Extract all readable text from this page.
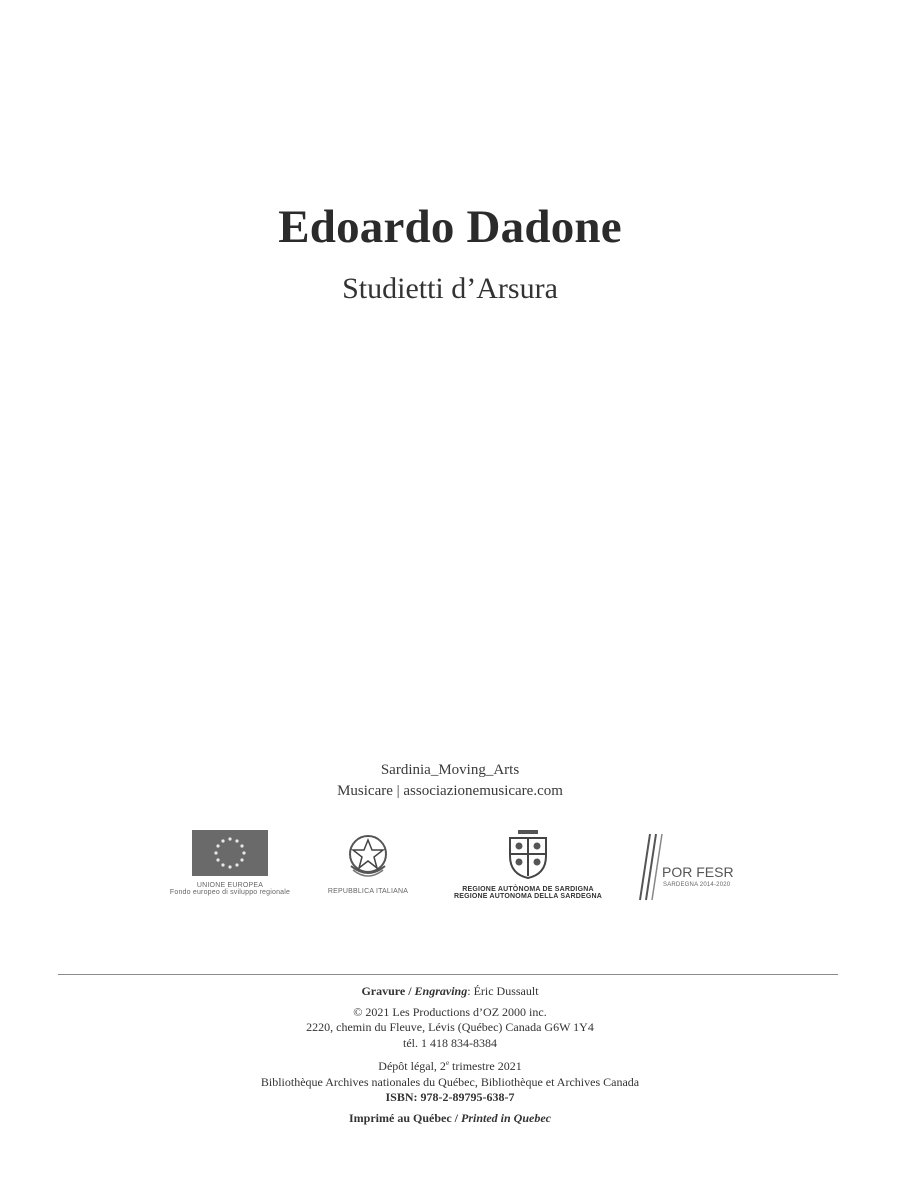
Edoardo Dadone
Studietti d’Arsura
Sardinia_Moving_Arts
Musicare | associazionemusicare.com
UNIONE EUROPEA
Fondo europeo di sviluppo regionale	REPUBBLICA ITALIANA	REGIONE AUTÒNOMA DE SARDIGNA
REGIONE AUTONOMA DELLA SARDEGNA
POR FESR
SARDEGNA 2014-2020
Gravure / Engraving: Éric Dussault
© 2021 Les Productions d’OZ 2000 inc.
2220, chemin du Fleuve, Lévis (Québec) Canada G6W 1Y4
tél. 1 418 834-8384
Dépôt légal, 2e trimestre 2021
Bibliothèque Archives nationales du Québec, Bibliothèque et Archives Canada
ISBN: 978-2-89795-638-7
Imprimé au Québec / Printed in Quebec
